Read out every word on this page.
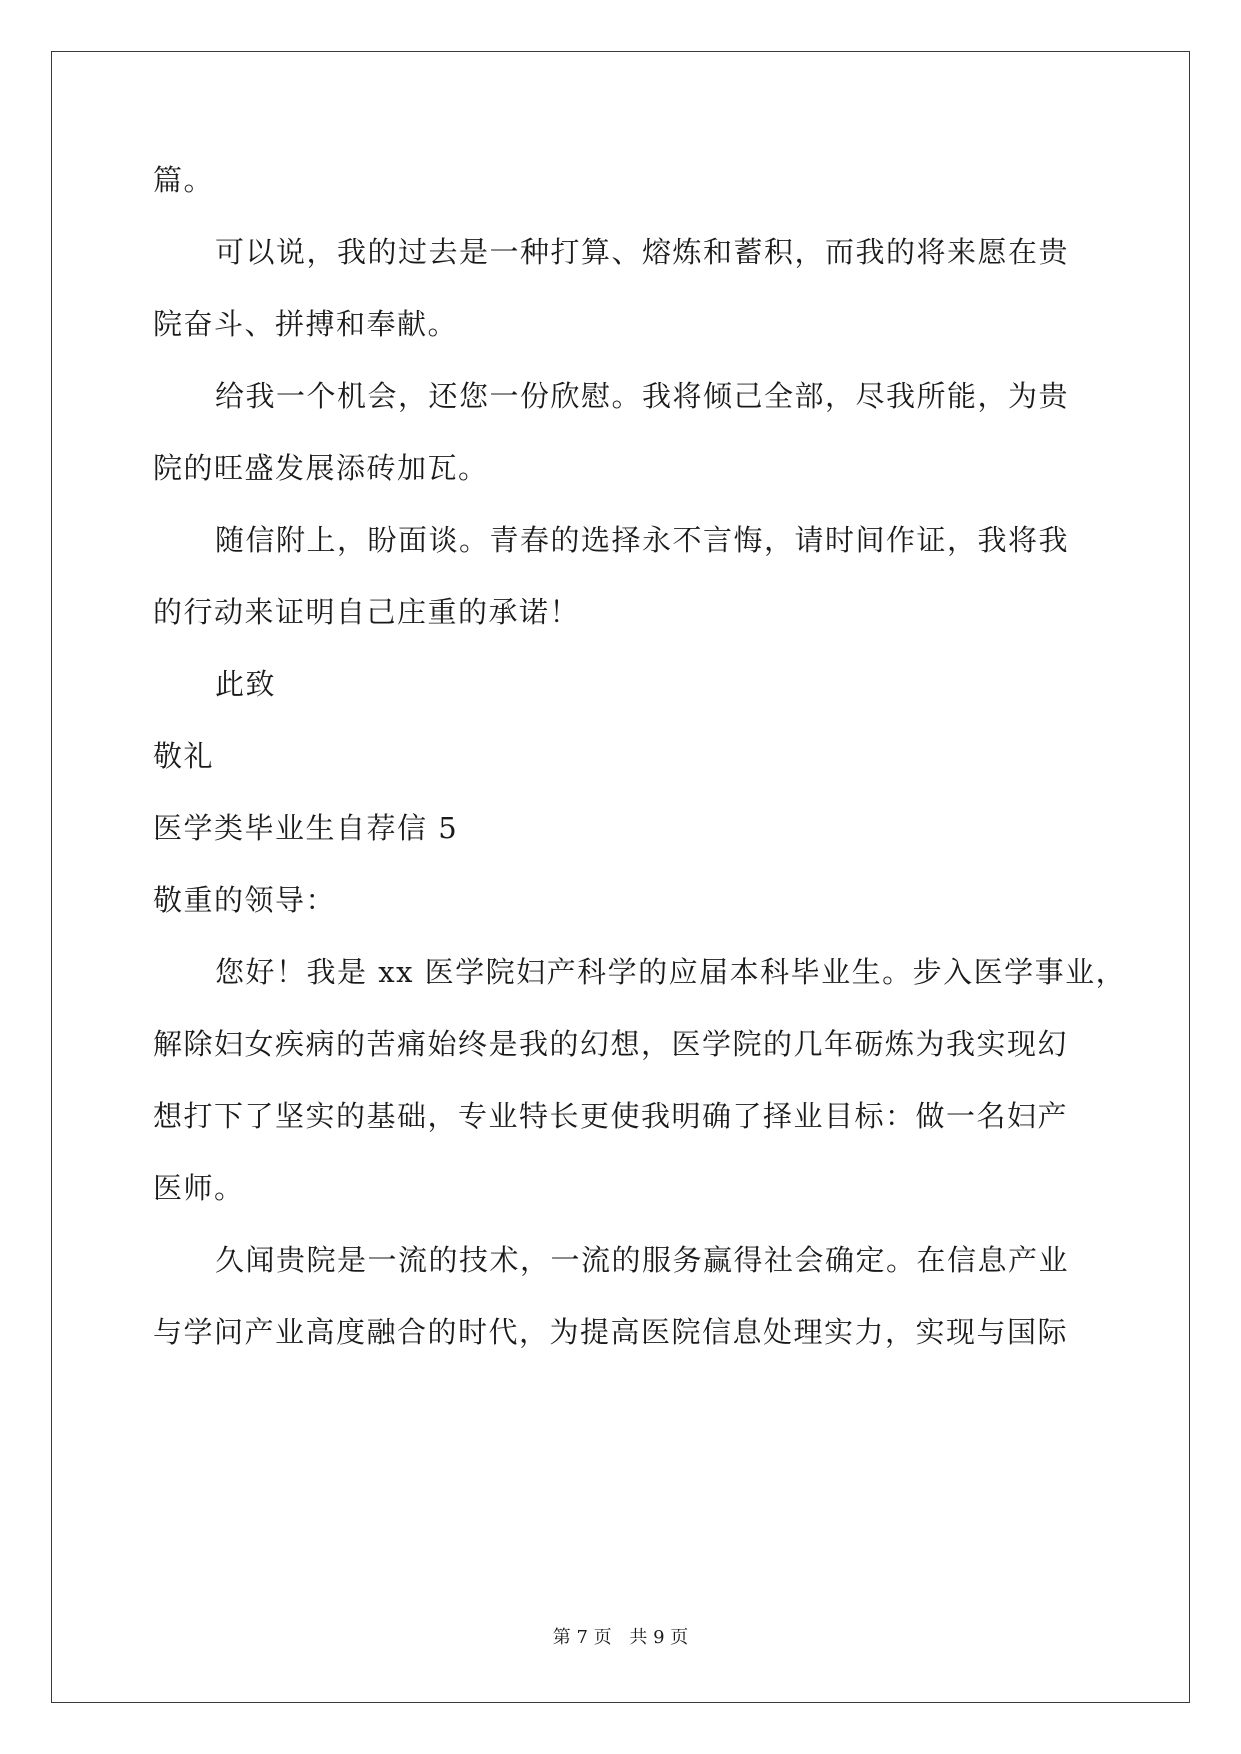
篇。
可以说，我的过去是一种打算、熔炼和蓄积，而我的将来愿在贵
院奋斗、拼搏和奉献。
给我一个机会，还您一份欣慰。我将倾己全部，尽我所能，为贵
院的旺盛发展添砖加瓦。
随信附上，盼面谈。青春的选择永不言悔，请时间作证，我将我
的行动来证明自己庄重的承诺！
此致
敬礼
医学类毕业生自荐信 5
敬重的领导：
您好！我是 xx 医学院妇产科学的应届本科毕业生。步入医学事业，
解除妇女疾病的苦痛始终是我的幻想，医学院的几年砺炼为我实现幻
想打下了坚实的基础，专业特长更使我明确了择业目标：做一名妇产
医师。
久闻贵院是一流的技术，一流的服务赢得社会确定。在信息产业
与学问产业高度融合的时代，为提高医院信息处理实力，实现与国际
第 7 页 共 9 页
